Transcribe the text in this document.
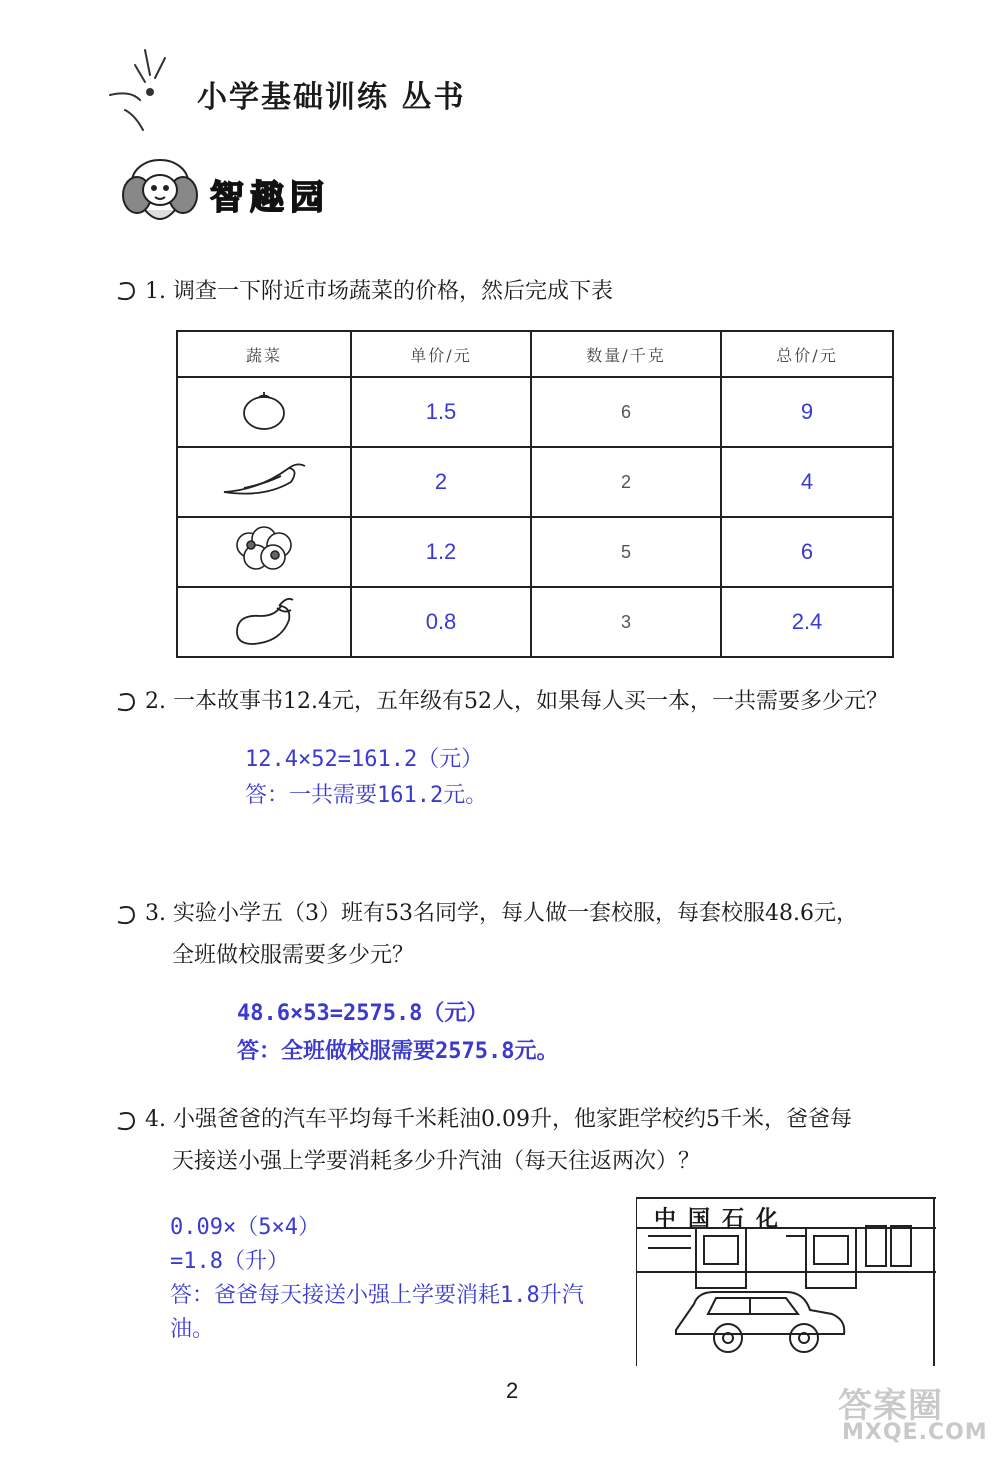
小学基础训练 丛书
智趣园
1. 调查一下附近市场蔬菜的价格，然后完成下表
蔬菜	单价/元	数量/千克	总价/元
	1.5	6	9
	2	2	4
	1.2	5	6
	0.8	3	2.4
2. 一本故事书12.4元，五年级有52人，如果每人买一本，一共需要多少元？
12.4×52=161.2（元）
答：一共需要161.2元。
3. 实验小学五（3）班有53名同学，每人做一套校服，每套校服48.6元，
全班做校服需要多少元？
48.6×53=2575.8（元）
答：全班做校服需要2575.8元。
4. 小强爸爸的汽车平均每千米耗油0.09升，他家距学校约5千米，爸爸每
天接送小强上学要消耗多少升汽油（每天往返两次）？
0.09×（5×4）
=1.8（升）
答：爸爸每天接送小强上学要消耗1.8升汽
油。
中国石化
2	答案圈
MXQE.COM
